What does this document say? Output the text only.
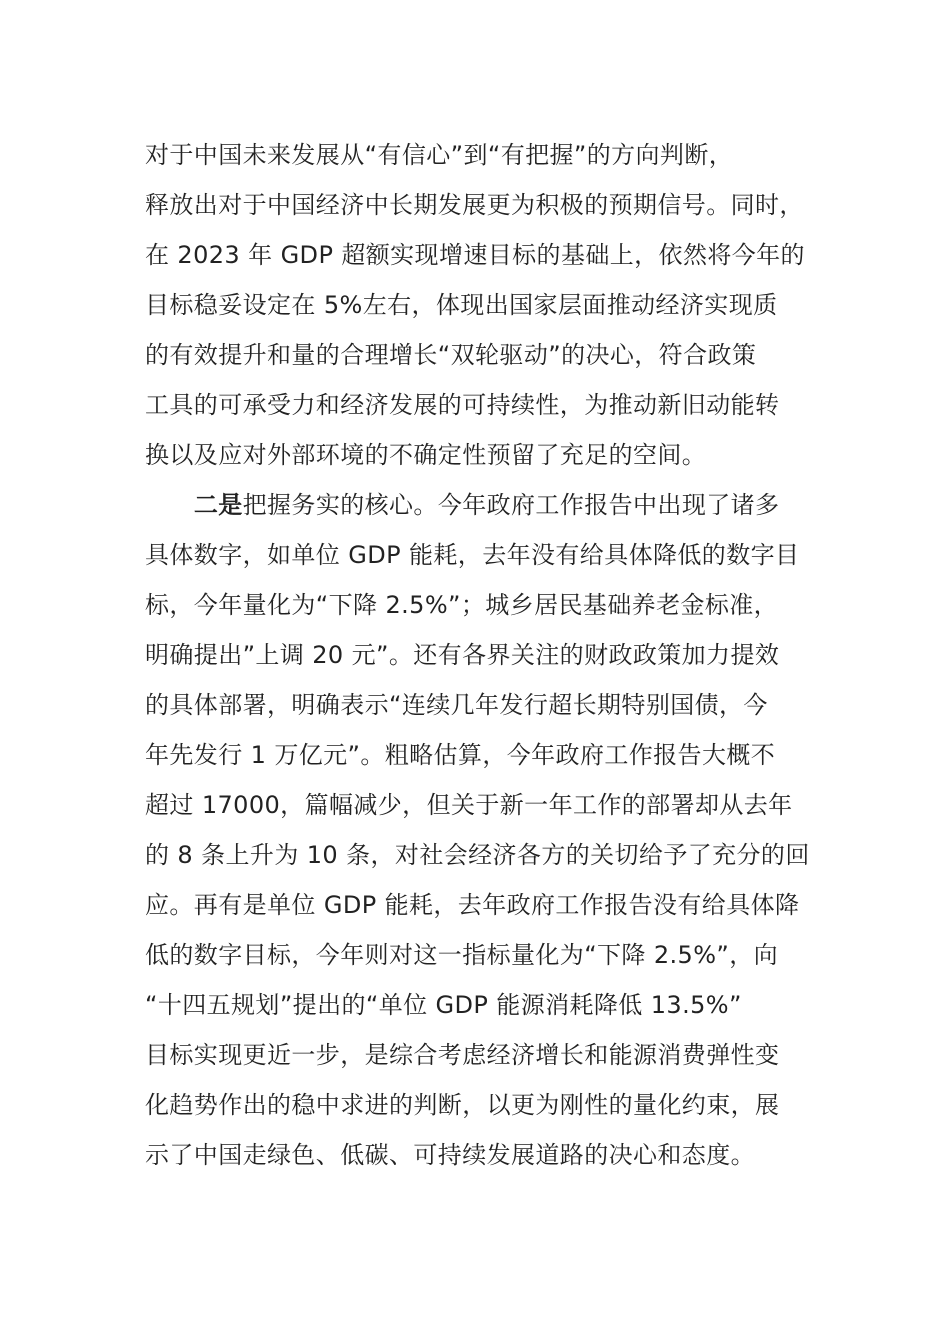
对于中国未来发展从“有信心”到“有把握”的方向判断，
释放出对于中国经济中长期发展更为积极的预期信号。同时，
在 2023 年 GDP 超额实现增速目标的基础上，依然将今年的
目标稳妥设定在 5%左右，体现出国家层面推动经济实现质
的有效提升和量的合理增长“双轮驱动”的决心，符合政策
工具的可承受力和经济发展的可持续性，为推动新旧动能转
换以及应对外部环境的不确定性预留了充足的空间。
　　二是把握务实的核心。今年政府工作报告中出现了诸多
具体数字，如单位 GDP 能耗，去年没有给具体降低的数字目
标，今年量化为“下降 2.5%”；城乡居民基础养老金标准，
明确提出”上调 20 元”。还有各界关注的财政政策加力提效
的具体部署，明确表示“连续几年发行超长期特别国债，今
年先发行 1 万亿元”。粗略估算，今年政府工作报告大概不
超过 17000，篇幅减少，但关于新一年工作的部署却从去年
的 8 条上升为 10 条，对社会经济各方的关切给予了充分的回
应。再有是单位 GDP 能耗，去年政府工作报告没有给具体降
低的数字目标，今年则对这一指标量化为“下降 2.5%”，向
“十四五规划”提出的“单位 GDP 能源消耗降低 13.5%”
目标实现更近一步，是综合考虑经济增长和能源消费弹性变
化趋势作出的稳中求进的判断，以更为刚性的量化约束，展
示了中国走绿色、低碳、可持续发展道路的决心和态度。
